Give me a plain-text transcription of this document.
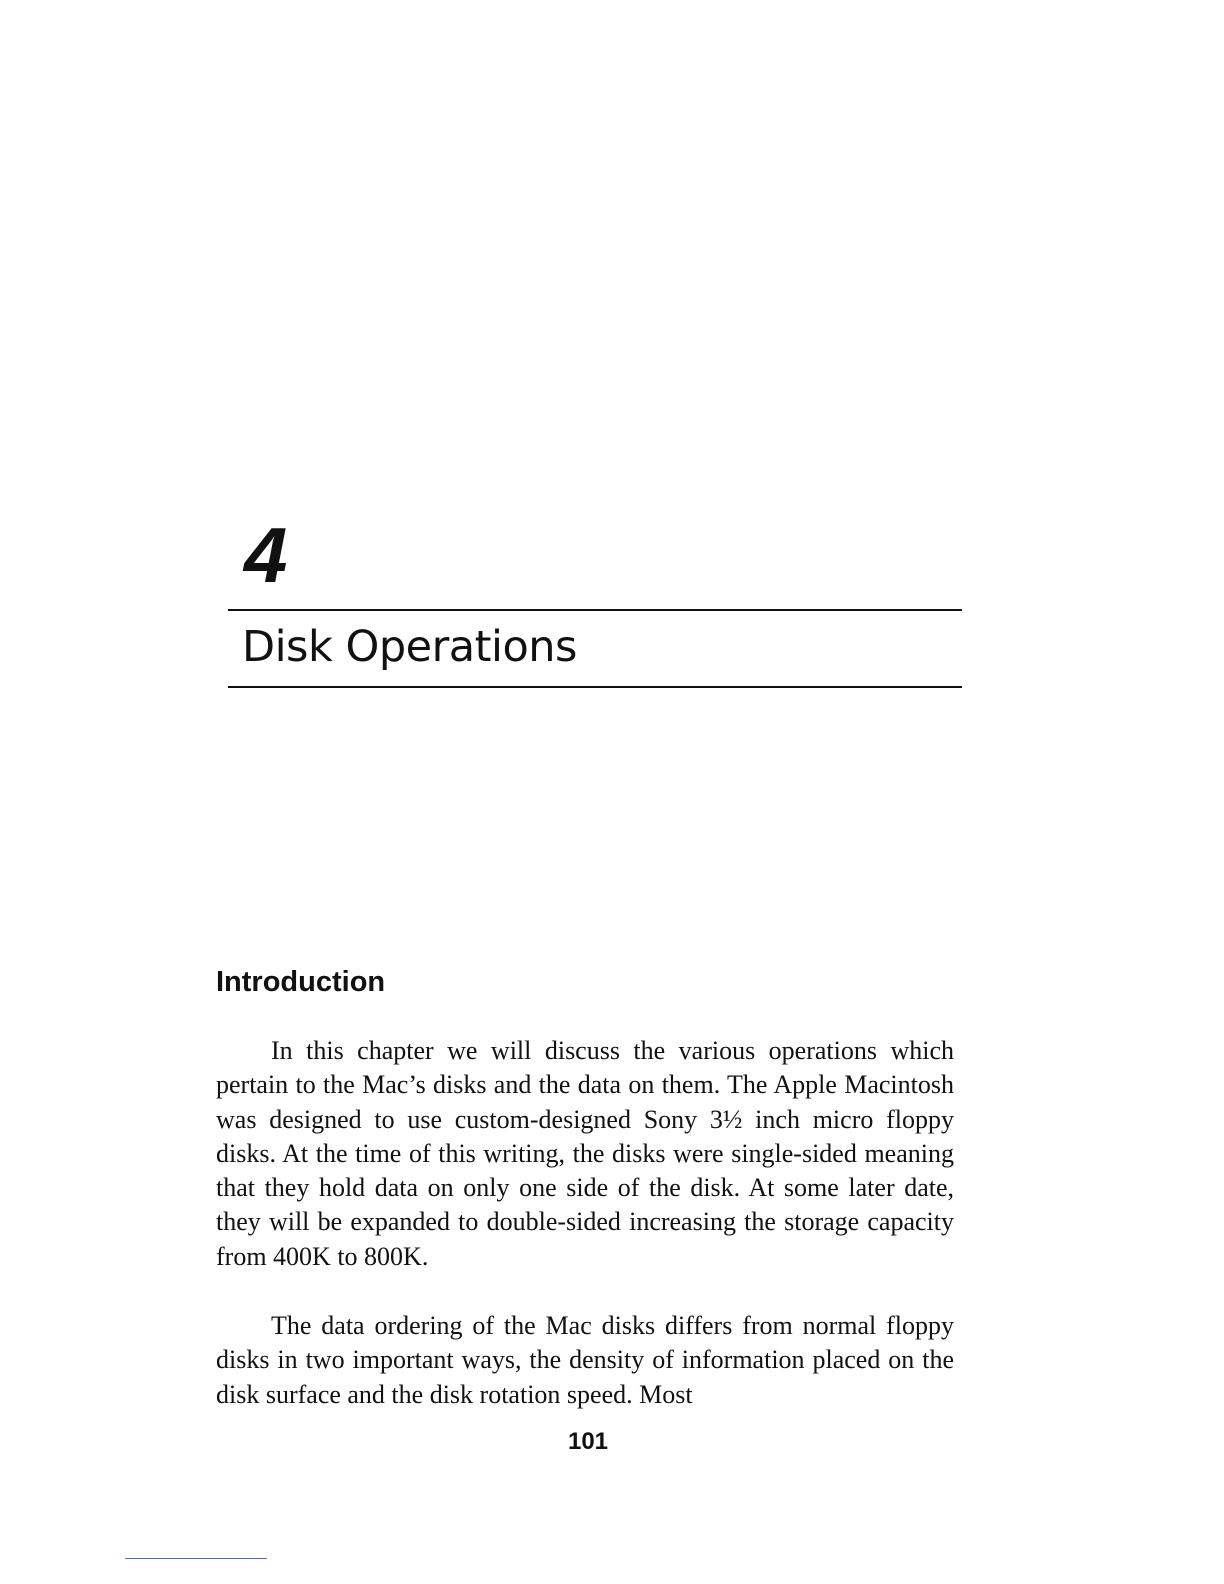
4
Disk Operations
Introduction

In this chapter we will discuss the various operations which pertain to the Mac’s disks and the data on them. The Apple Macintosh was designed to use custom-designed Sony 3½ inch micro floppy disks. At the time of this writing, the disks were single-sided meaning that they hold data on only one side of the disk. At some later date, they will be expanded to double-sided increasing the storage capacity from 400K to 800K.

The data ordering of the Mac disks differs from normal floppy disks in two important ways, the density of information placed on the disk surface and the disk rotation speed. Most

101
